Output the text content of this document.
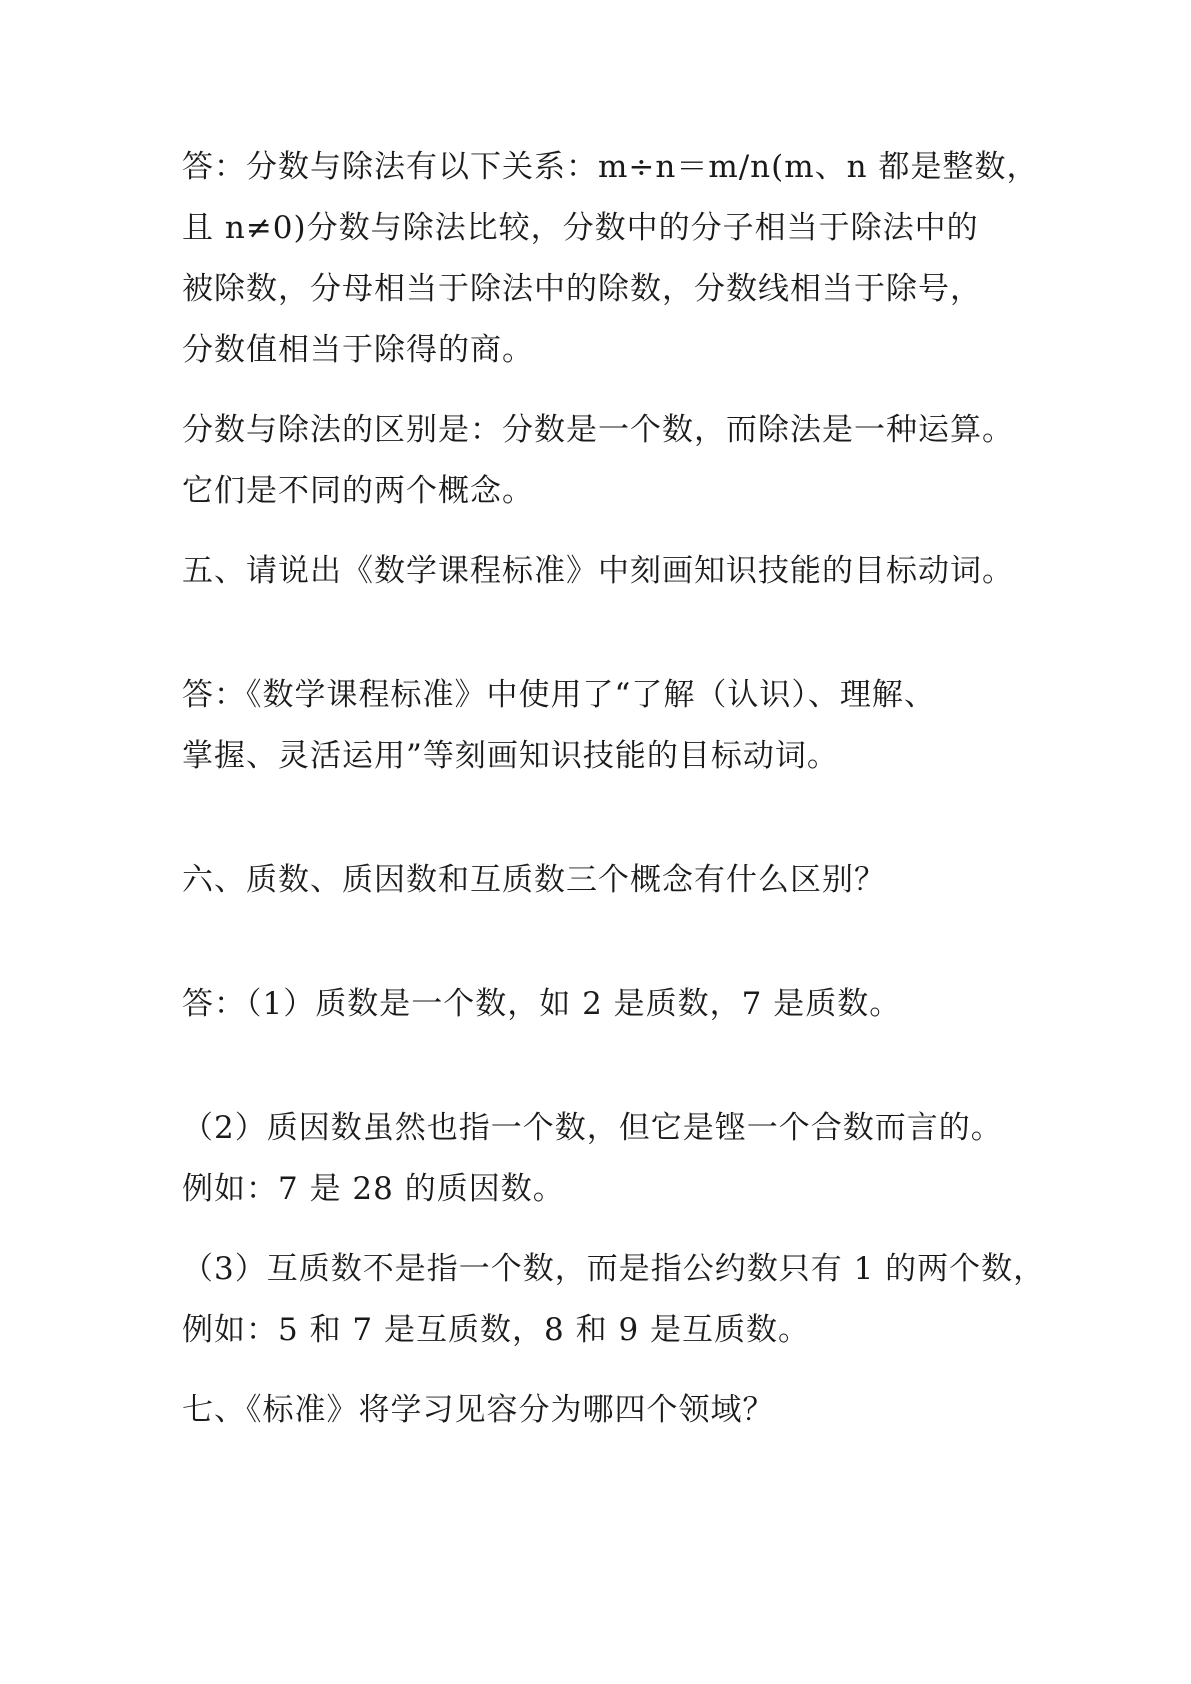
答：分数与除法有以下关系：m÷n＝m/n(m、n 都是整数，
且 n≠0)分数与除法比较，分数中的分子相当于除法中的
被除数，分母相当于除法中的除数，分数线相当于除号，
分数值相当于除得的商。
分数与除法的区别是：分数是一个数，而除法是一种运算。
它们是不同的两个概念。
五、请说出《数学课程标准》中刻画知识技能的目标动词。
答：《数学课程标准》中使用了“了解（认识）、理解、
掌握、灵活运用”等刻画知识技能的目标动词。
六、质数、质因数和互质数三个概念有什么区别？
答：（1）质数是一个数，如 2 是质数，7 是质数。
（2）质因数虽然也指一个数，但它是铿一个合数而言的。
例如：7 是 28 的质因数。
（3）互质数不是指一个数，而是指公约数只有 1 的两个数，
例如：5 和 7 是互质数，8 和 9 是互质数。
七、《标准》将学习见容分为哪四个领域？
